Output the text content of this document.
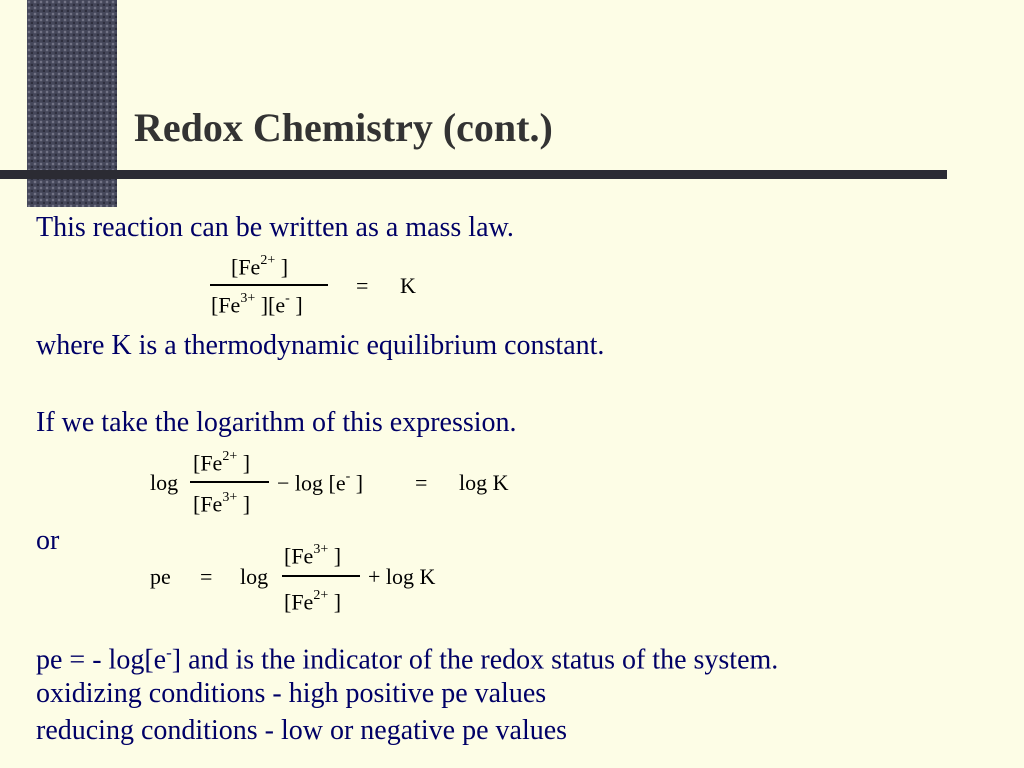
Redox Chemistry (cont.)

This reaction can be written as a mass law.

[$Fe^{2+}$ ]
[$Fe^{3+}$ ][e- ]
= K

where K is a thermodynamic equilibrium constant.

If we take the logarithm of this expression.

log
[$Fe^{2+}$ ]
[$Fe^{3+}$ ]
− log [e- ] = log K

or

pe = log
[$Fe^{3+}$ ]
[$Fe^{2+}$ ]
+ log K

pe = - log[e-] and is the indicator of the redox status of the system.

oxidizing conditions - high positive pe values

reducing conditions - low or negative pe values
